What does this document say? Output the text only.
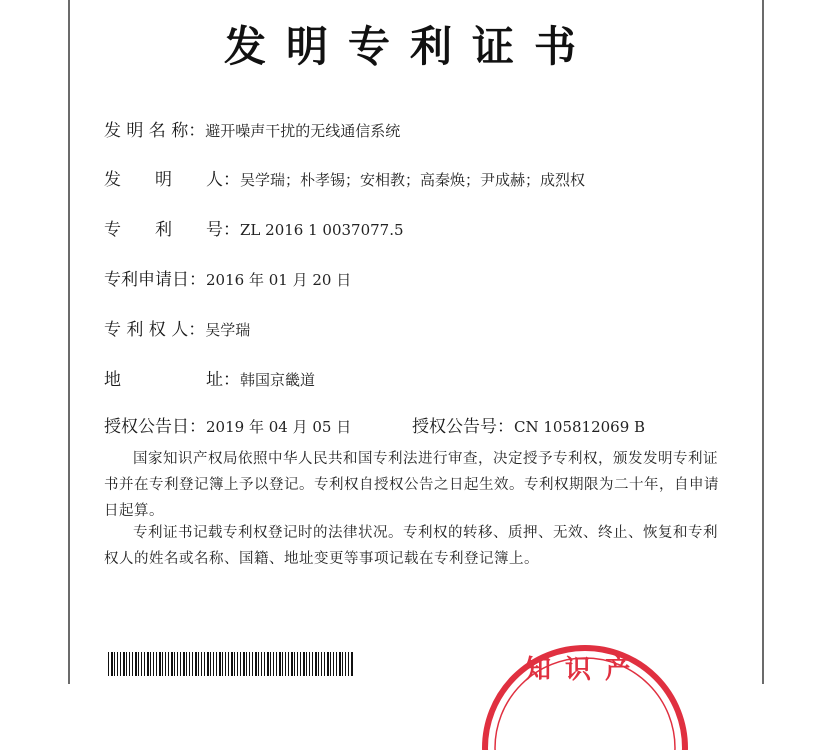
发明专利证书
发 明 名 称：避开噪声干扰的无线通信系统
发　　明　　人：吴学瑞；朴孝锡；安相教；高秦焕；尹成赫；成烈权
专　　利　　号：ZL 2016 1 0037077.5
专利申请日：2016 年 01 月 20 日
专 利 权 人：吴学瑞
地　　　　　址：韩国京畿道
授权公告日：2019 年 04 月 05 日	授权公告号：CN 105812069 B
国家知识产权局依照中华人民共和国专利法进行审查，决定授予专利权，颁发发明专利证书并在专利登记簿上予以登记。专利权自授权公告之日起生效。专利权期限为二十年，自申请日起算。
专利证书记载专利权登记时的法律状况。专利权的转移、质押、无效、终止、恢复和专利权人的姓名或名称、国籍、地址变更等事项记载在专利登记簿上。
知识产
